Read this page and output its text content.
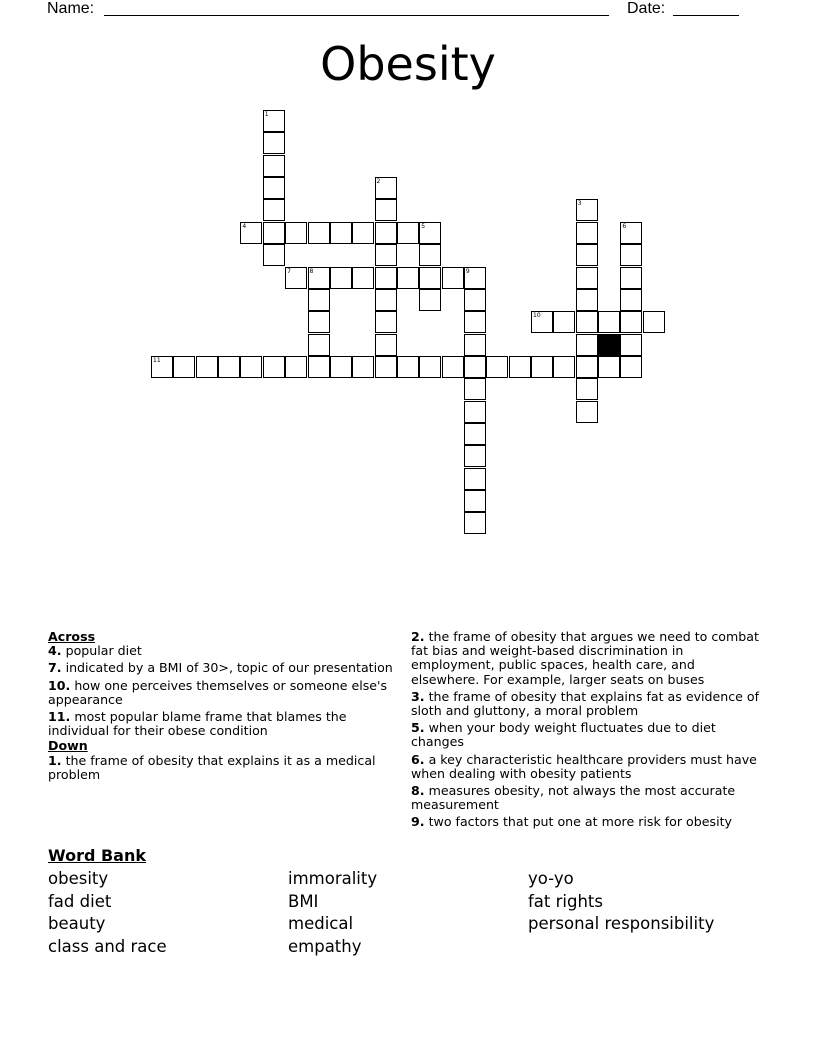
Name:	Date:
Obesity
1
2
3
4	5	6
7	8	9
10
11
Across
4. popular diet
7. indicated by a BMI of 30>, topic of our presentation
10. how one perceives themselves or someone else's appearance
11. most popular blame frame that blames the individual for their obese condition
Down
1. the frame of obesity that explains it as a medical problem
2. the frame of obesity that argues we need to combat fat bias and weight-based discrimination in employment, public spaces, health care, and elsewhere. For example, larger seats on buses
3. the frame of obesity that explains fat as evidence of sloth and gluttony, a moral problem
5. when your body weight fluctuates due to diet changes
6. a key characteristic healthcare providers must have when dealing with obesity patients
8. measures obesity, not always the most accurate measurement
9. two factors that put one at more risk for obesity
Word Bank
obesity
fad diet
beauty
class and race
immorality
BMI
medical
empathy
yo-yo
fat rights
personal responsibility
